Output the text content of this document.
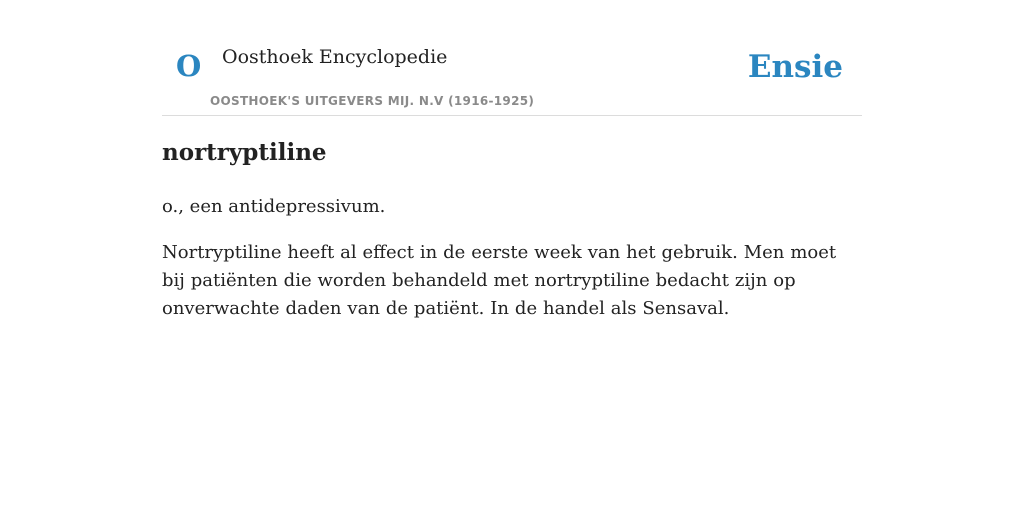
O Oosthoek Encyclopedie
OOSTHOEK'S UITGEVERS MIJ. N.V (1916-1925)
Ensie
nortryptiline

o., een antidepressivum.

Nortryptiline heeft al effect in de eerste week van het gebruik. Men moet bij patiënten die worden behandeld met nortryptiline bedacht zijn op onverwachte daden van de patiënt. In de handel als Sensaval.
